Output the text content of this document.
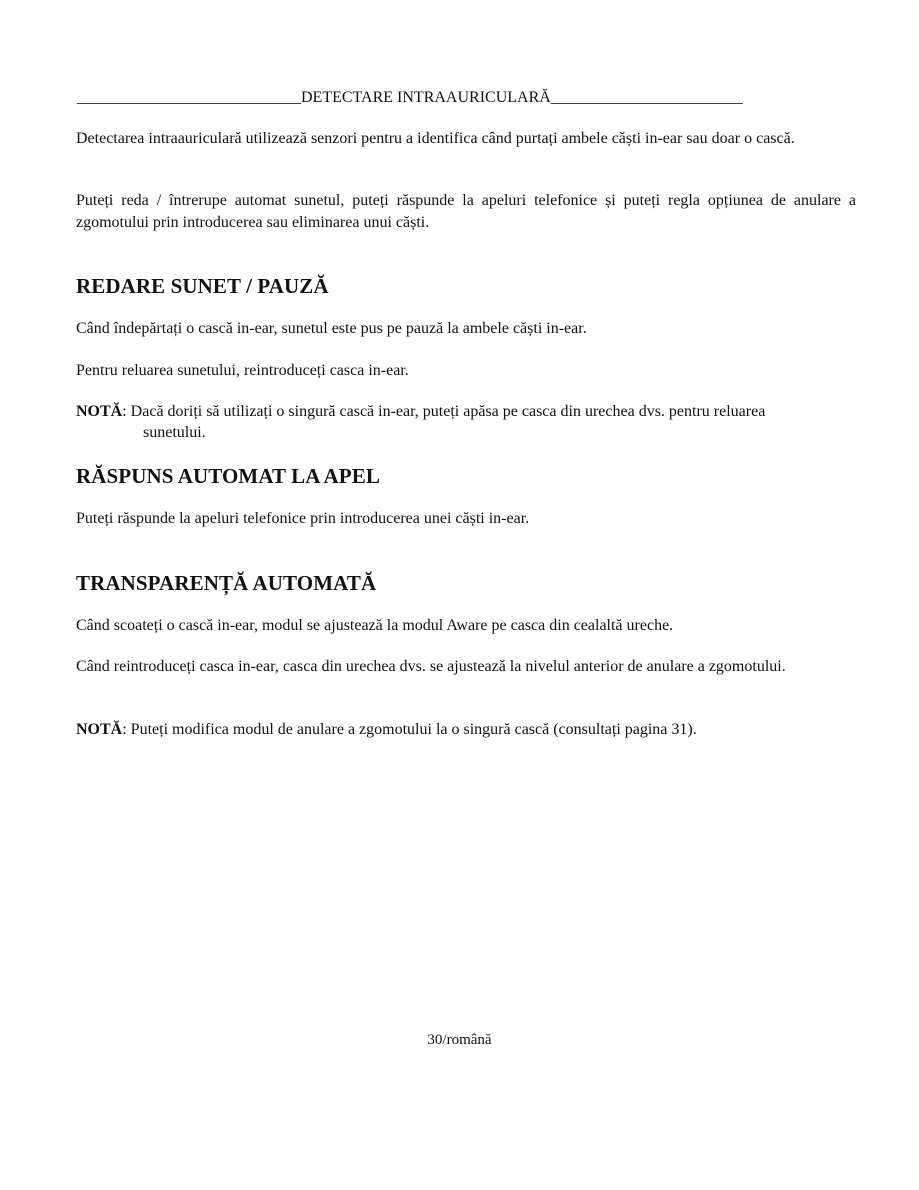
____________________________DETECTARE INTRAAURICULARĂ________________________
Detectarea intraauriculară utilizează senzori pentru a identifica când purtați ambele căști in-ear sau doar o cască.
Puteți reda / întrerupe automat sunetul, puteți răspunde la apeluri telefonice și puteți regla opțiunea de anulare a zgomotului prin introducerea sau eliminarea unui căști.
REDARE SUNET / PAUZĂ
Când îndepărtați o cască in-ear, sunetul este pus pe pauză la ambele căști in-ear.
Pentru reluarea sunetului, reintroduceți casca in-ear.
NOTĂ: Dacă doriți să utilizați o singură cască in-ear, puteți apăsa pe casca din urechea dvs. pentru reluarea
sunetului.
RĂSPUNS AUTOMAT LA APEL
Puteți răspunde la apeluri telefonice prin introducerea unei căști in-ear.
TRANSPARENȚĂ AUTOMATĂ
Când scoateți o cască in-ear, modul se ajustează la modul Aware pe casca din cealaltă ureche.
Când reintroduceți casca in-ear, casca din urechea dvs. se ajustează la nivelul anterior de anulare a zgomotului.
NOTĂ: Puteți modifica modul de anulare a zgomotului la o singură cască (consultați pagina 31).
30/română
